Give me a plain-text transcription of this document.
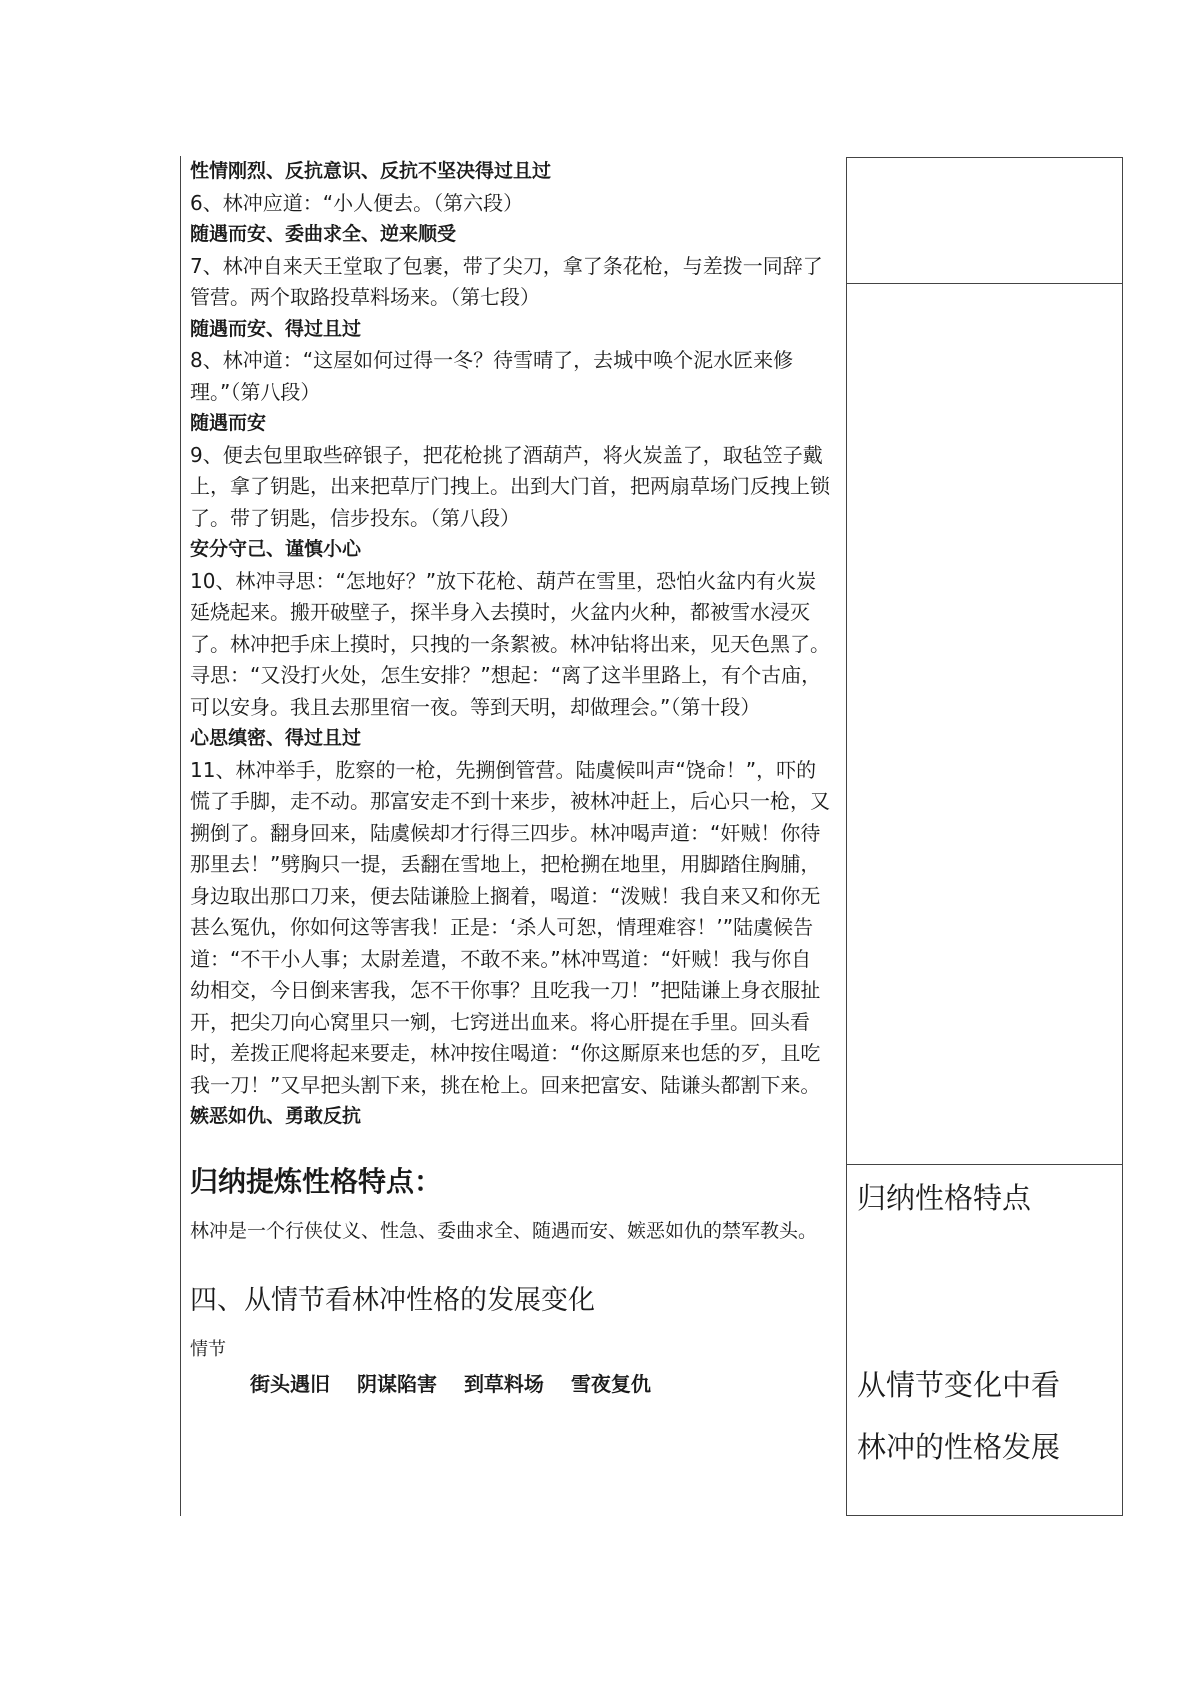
性情刚烈、反抗意识、反抗不坚决得过且过

6、林冲应道：“小人便去。（第六段）

随遇而安、委曲求全、逆来顺受

7、林冲自来天王堂取了包裹，带了尖刀，拿了条花枪，与差拨一同辞了管营。两个取路投草料场来。（第七段）

随遇而安、得过且过

8、林冲道：“这屋如何过得一冬？待雪晴了，去城中唤个泥水匠来修理。”（第八段）

随遇而安

9、便去包里取些碎银子，把花枪挑了酒葫芦，将火炭盖了，取毡笠子戴上，拿了钥匙，出来把草厅门拽上。出到大门首，把两扇草场门反拽上锁了。带了钥匙，信步投东。（第八段）

安分守己、谨慎小心

10、林冲寻思：“怎地好？”放下花枪、葫芦在雪里，恐怕火盆内有火炭延烧起来。搬开破壁子，探半身入去摸时，火盆内火种，都被雪水浸灭了。林冲把手床上摸时，只拽的一条絮被。林冲钻将出来，见天色黑了。寻思：“又没打火处，怎生安排？”想起：“离了这半里路上，有个古庙，可以安身。我且去那里宿一夜。等到天明，却做理会。”（第十段）

心思缜密、得过且过

11、林冲举手，肐察的一枪，先搠倒管营。陆虞候叫声“饶命！”，吓的慌了手脚，走不动。那富安走不到十来步，被林冲赶上，后心只一枪，又搠倒了。翻身回来，陆虞候却才行得三四步。林冲喝声道：“奸贼！你待那里去！”劈胸只一提，丢翻在雪地上，把枪搠在地里，用脚踏住胸脯，身边取出那口刀来，便去陆谦脸上搁着，喝道：“泼贼！我自来又和你无甚么冤仇，你如何这等害我！正是：‘杀人可恕，情理难容！’”陆虞候告道：“不干小人事；太尉差遣，不敢不来。”林冲骂道：“奸贼！我与你自幼相交，今日倒来害我，怎不干你事？且吃我一刀！”把陆谦上身衣服扯开，把尖刀向心窝里只一剜，七窍迸出血来。将心肝提在手里。回头看时，差拨正爬将起来要走，林冲按住喝道：“你这厮原来也恁的歹，且吃我一刀！”又早把头割下来，挑在枪上。回来把富安、陆谦头都割下来。

嫉恶如仇、勇敢反抗

归纳提炼性格特点：

林冲是一个行侠仗义、性急、委曲求全、随遇而安、嫉恶如仇的禁军教头。

四、从情节看林冲性格的发展变化

情节

街头遇旧 阴谋陷害 到草料场 雪夜复仇

归纳性格特点
从情节变化中看
林冲的性格发展
